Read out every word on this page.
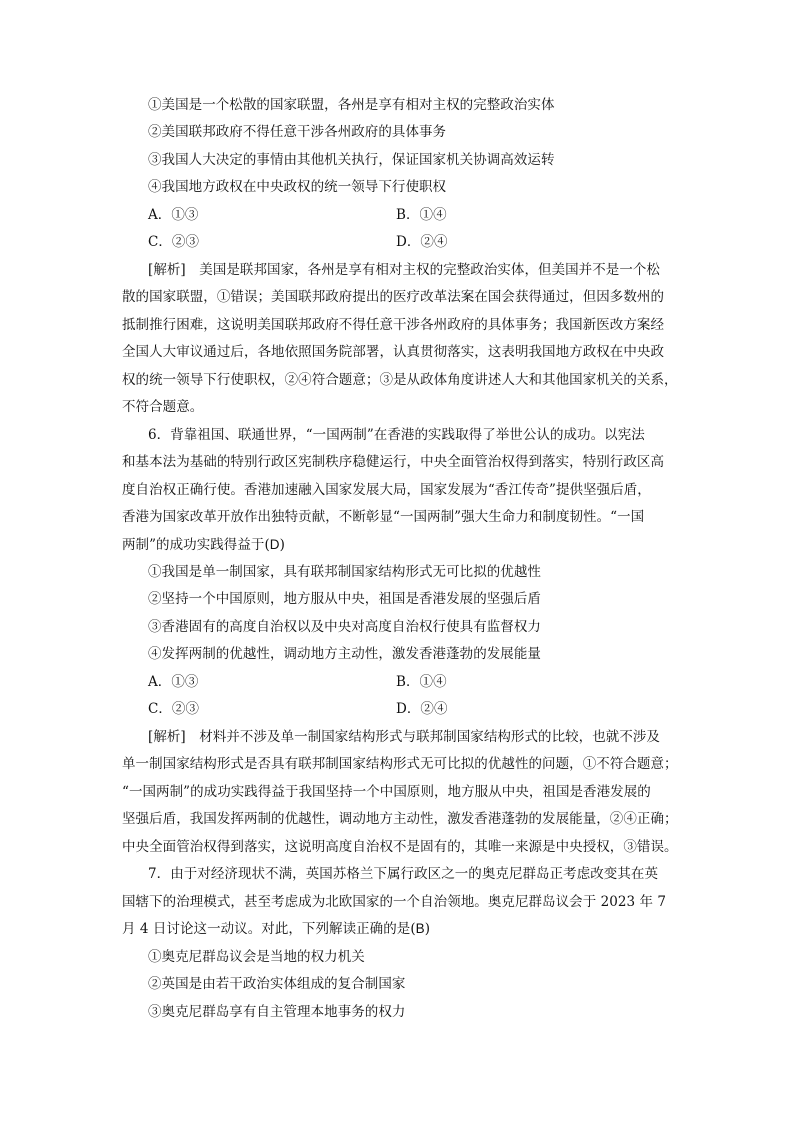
①美国是一个松散的国家联盟，各州是享有相对主权的完整政治实体
②美国联邦政府不得任意干涉各州政府的具体事务
③我国人大决定的事情由其他机关执行，保证国家机关协调高效运转
④我国地方政权在中央政权的统一领导下行使职权
A．①③	B．①④
C．②③	D．②④
[解析]　美国是联邦国家，各州是享有相对主权的完整政治实体，但美国并不是一个松
散的国家联盟，①错误；美国联邦政府提出的医疗改革法案在国会获得通过，但因多数州的
抵制推行困难，这说明美国联邦政府不得任意干涉各州政府的具体事务；我国新医改方案经
全国人大审议通过后，各地依照国务院部署，认真贯彻落实，这表明我国地方政权在中央政
权的统一领导下行使职权，②④符合题意；③是从政体角度讲述人大和其他国家机关的关系，
不符合题意。
6．背靠祖国、联通世界，“一国两制”在香港的实践取得了举世公认的成功。以宪法
和基本法为基础的特别行政区宪制秩序稳健运行，中央全面管治权得到落实，特别行政区高
度自治权正确行使。香港加速融入国家发展大局，国家发展为“香江传奇”提供坚强后盾，
香港为国家改革开放作出独特贡献，不断彰显“一国两制”强大生命力和制度韧性。“一国
两制”的成功实践得益于(D)
①我国是单一制国家，具有联邦制国家结构形式无可比拟的优越性
②坚持一个中国原则，地方服从中央，祖国是香港发展的坚强后盾
③香港固有的高度自治权以及中央对高度自治权行使具有监督权力
④发挥两制的优越性，调动地方主动性，激发香港蓬勃的发展能量
A．①③	B．①④
C．②③	D．②④
[解析]　材料并不涉及单一制国家结构形式与联邦制国家结构形式的比较，也就不涉及
单一制国家结构形式是否具有联邦制国家结构形式无可比拟的优越性的问题，①不符合题意；
“一国两制”的成功实践得益于我国坚持一个中国原则，地方服从中央，祖国是香港发展的
坚强后盾，我国发挥两制的优越性，调动地方主动性，激发香港蓬勃的发展能量，②④正确；
中央全面管治权得到落实，这说明高度自治权不是固有的，其唯一来源是中央授权，③错误。
7．由于对经济现状不满，英国苏格兰下属行政区之一的奥克尼群岛正考虑改变其在英
国辖下的治理模式，甚至考虑成为北欧国家的一个自治领地。奥克尼群岛议会于 2023 年 7
月 4 日讨论这一动议。对此，下列解读正确的是(B)
①奥克尼群岛议会是当地的权力机关
②英国是由若干政治实体组成的复合制国家
③奥克尼群岛享有自主管理本地事务的权力
